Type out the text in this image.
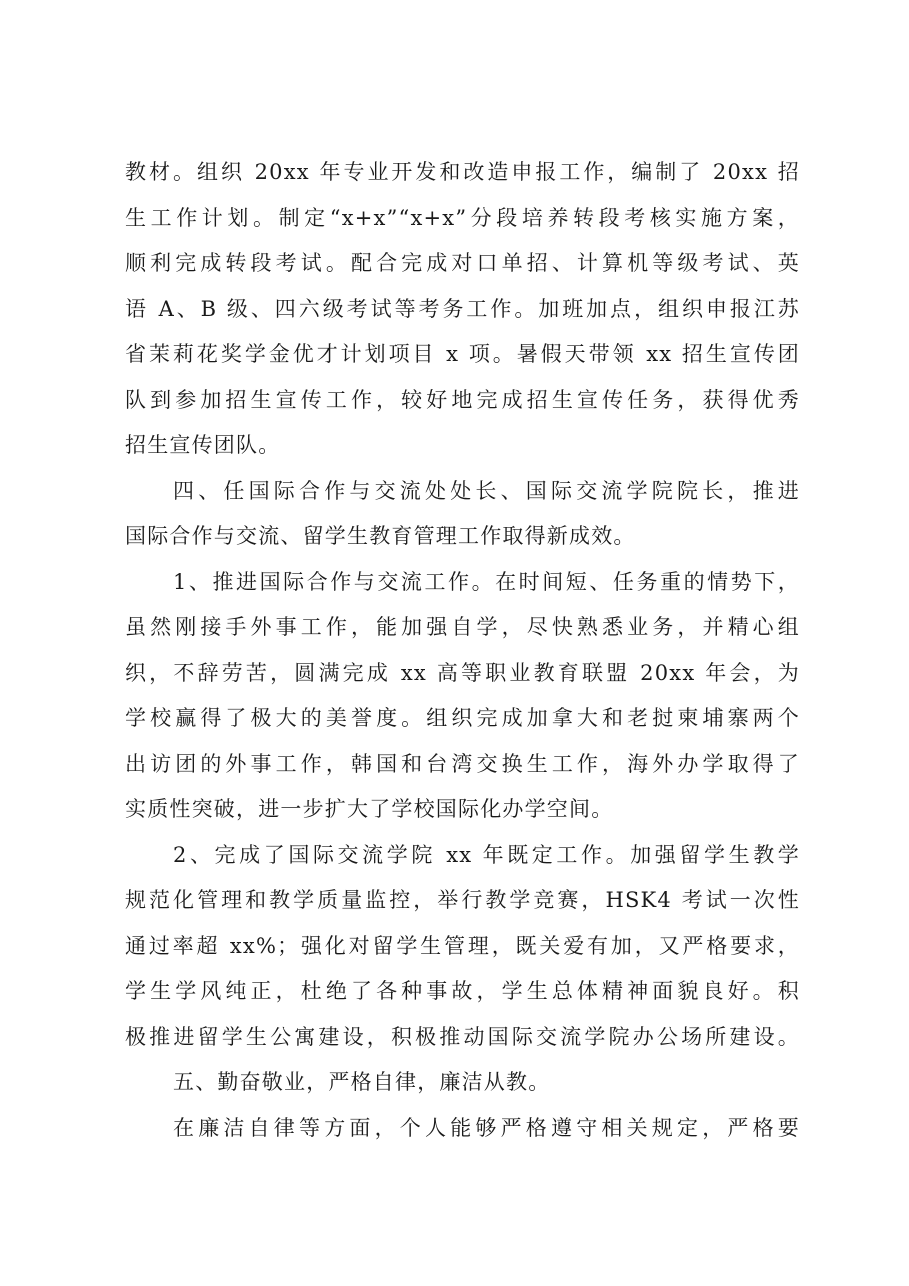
教材。组织 20xx 年专业开发和改造申报工作，编制了 20xx 招
生工作计划。制定“x+x”“x+x”分段培养转段考核实施方案，
顺利完成转段考试。配合完成对口单招、计算机等级考试、英
语 A、B 级、四六级考试等考务工作。加班加点，组织申报江苏
省茉莉花奖学金优才计划项目 x 项。暑假天带领 xx 招生宣传团
队到参加招生宣传工作，较好地完成招生宣传任务，获得优秀
招生宣传团队。
四、任国际合作与交流处处长、国际交流学院院长，推进
国际合作与交流、留学生教育管理工作取得新成效。
1、推进国际合作与交流工作。在时间短、任务重的情势下，
虽然刚接手外事工作，能加强自学，尽快熟悉业务，并精心组
织，不辞劳苦，圆满完成 xx 高等职业教育联盟 20xx 年会，为
学校赢得了极大的美誉度。组织完成加拿大和老挝柬埔寨两个
出访团的外事工作，韩国和台湾交换生工作，海外办学取得了
实质性突破，进一步扩大了学校国际化办学空间。
2、完成了国际交流学院 xx 年既定工作。加强留学生教学
规范化管理和教学质量监控，举行教学竞赛，HSK4 考试一次性
通过率超 xx%；强化对留学生管理，既关爱有加，又严格要求，
学生学风纯正，杜绝了各种事故，学生总体精神面貌良好。积
极推进留学生公寓建设，积极推动国际交流学院办公场所建设。
五、勤奋敬业，严格自律，廉洁从教。
在廉洁自律等方面，个人能够严格遵守相关规定，严格要
